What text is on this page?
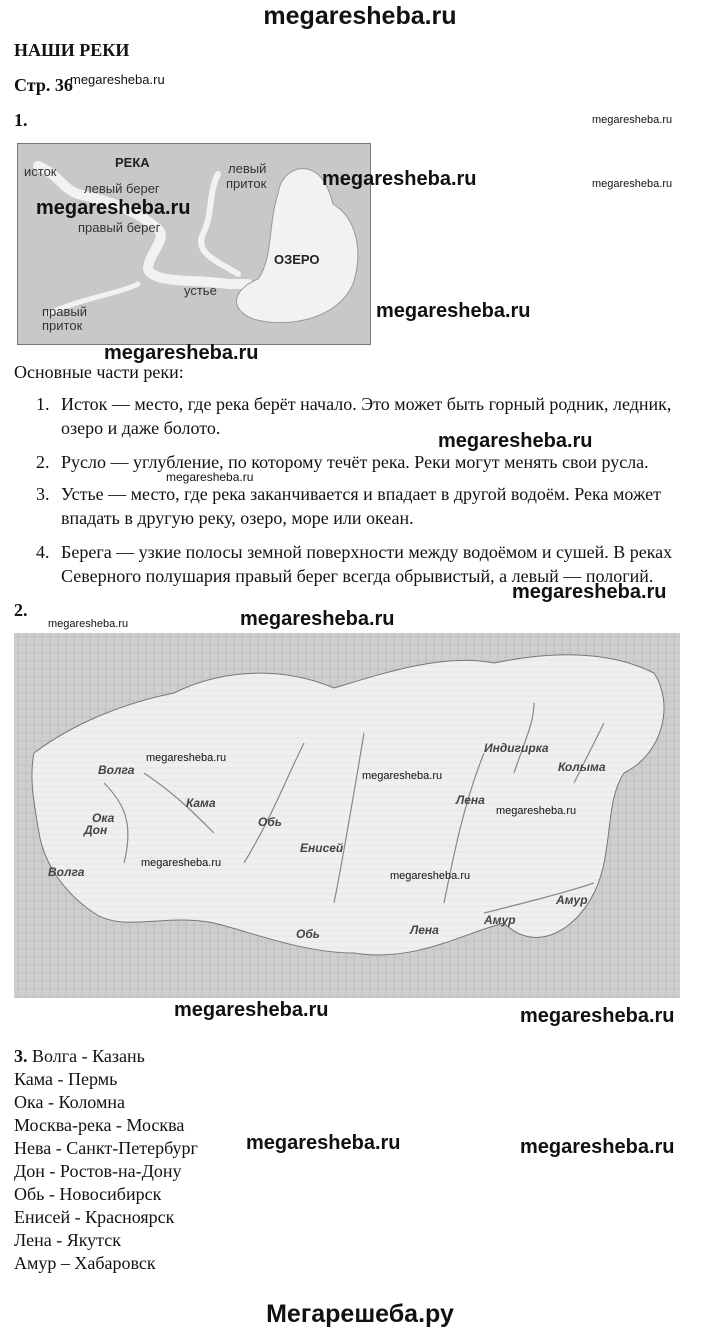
megaresheba.ru
НАШИ РЕКИ
Стр. 36
megaresheba.ru
1.	megaresheba.ru
megaresheba.ru
исток
РЕКА
левый берег
правый берег
левый
приток
ОЗЕРО
устье
правый
приток
megaresheba.ru
megaresheba.ru
megaresheba.ru
megaresheba.ru
Основные части реки:
1. Исток — место, где река берёт начало. Это может быть горный родник, ледник, озеро и даже болото.
2. Русло — углубление, по которому течёт река. Реки могут менять свои русла.
3. Устье — место, где река заканчивается и впадает в другой водоём. Река может впадать в другую реку, озеро, море или океан.
4. Берега — узкие полосы земной поверхности между водоёмом и сушей. В реках Северного полушария правый берег всегда обрывистый, а левый — пологий.
megaresheba.ru
megaresheba.ru
megaresheba.ru
2.
megaresheba.ru	megaresheba.ru
Волга
Ока
Дон
Кама
Волга
Обь
Енисей
Обь
Лена
Лена
Индигирка
Колыма
Амур
Амур
megaresheba.ru
megaresheba.ru
megaresheba.ru
megaresheba.ru
megaresheba.ru
megaresheba.ru	megaresheba.ru
3. Волга - Казань
Кама - Пермь
Ока - Коломна
Москва-река - Москва
Нева - Санкт-Петербург
Дон - Ростов-на-Дону
Обь - Новосибирск
Енисей - Красноярск
Лена - Якутск
Амур – Хабаровск
megaresheba.ru	megaresheba.ru
Мегарешеба.ру
